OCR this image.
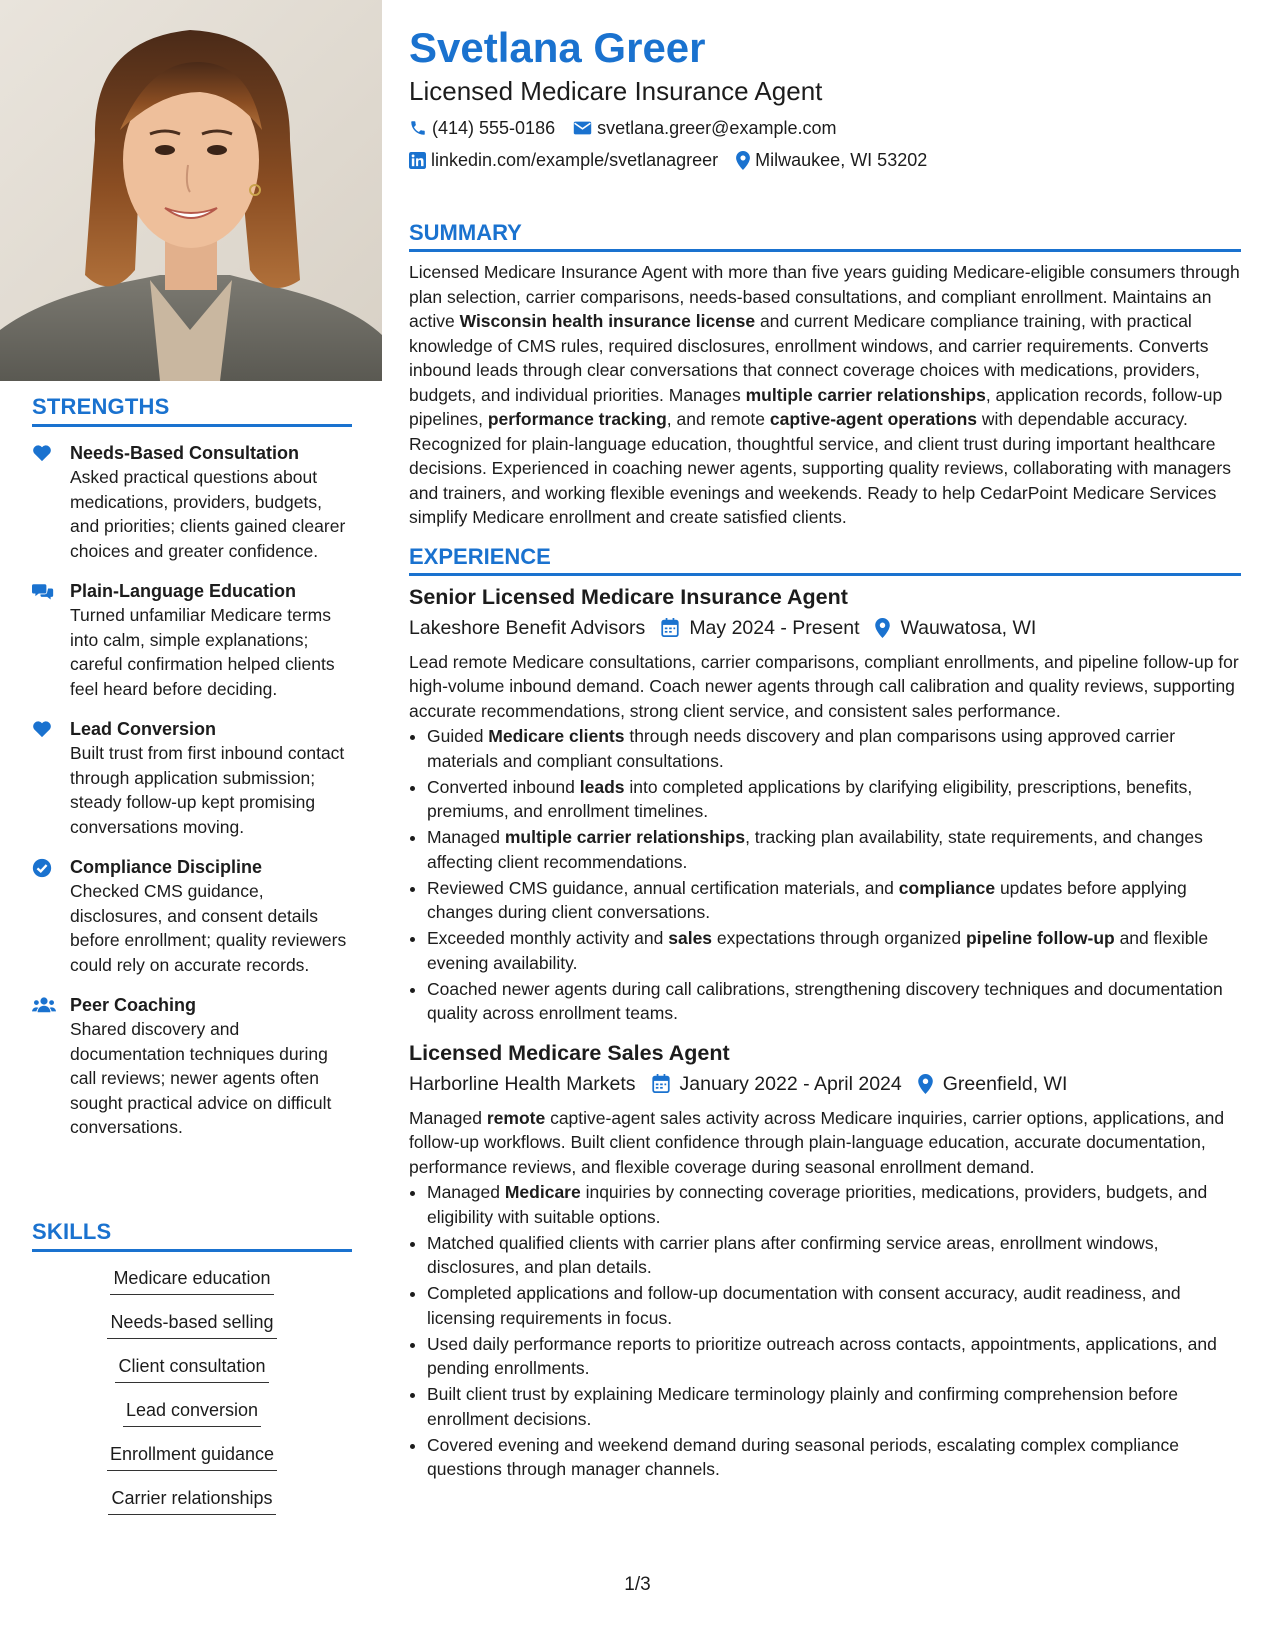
STRENGTHS
Needs-Based Consultation
Asked practical questions about medications, providers, budgets, and priorities; clients gained clearer choices and greater confidence.
Plain-Language Education
Turned unfamiliar Medicare terms into calm, simple explanations; careful confirmation helped clients feel heard before deciding.
Lead Conversion
Built trust from first inbound contact through application submission; steady follow-up kept promising conversations moving.
Compliance Discipline
Checked CMS guidance, disclosures, and consent details before enrollment; quality reviewers could rely on accurate records.
Peer Coaching
Shared discovery and documentation techniques during call reviews; newer agents often sought practical advice on difficult conversations.
SKILLS
Medicare education
Needs-based selling
Client consultation
Lead conversion
Enrollment guidance
Carrier relationships
Svetlana Greer
Licensed Medicare Insurance Agent
(414) 555-0186 svetlana.greer@example.com
linkedin.com/example/svetlanagreer Milwaukee, WI 53202
SUMMARY

Licensed Medicare Insurance Agent with more than five years guiding Medicare-eligible consumers through plan selection, carrier comparisons, needs-based consultations, and compliant enrollment. Maintains an active Wisconsin health insurance license and current Medicare compliance training, with practical knowledge of CMS rules, required disclosures, enrollment windows, and carrier requirements. Converts inbound leads through clear conversations that connect coverage choices with medications, providers, budgets, and individual priorities. Manages multiple carrier relationships, application records, follow-up pipelines, performance tracking, and remote captive-agent operations with dependable accuracy. Recognized for plain-language education, thoughtful service, and client trust during important healthcare decisions. Experienced in coaching newer agents, supporting quality reviews, collaborating with managers and trainers, and working flexible evenings and weekends. Ready to help CedarPoint Medicare Services simplify Medicare enrollment and create satisfied clients.

EXPERIENCE
Senior Licensed Medicare Insurance Agent
Lakeshore Benefit Advisors May 2024 - Present Wauwatosa, WI

Lead remote Medicare consultations, carrier comparisons, compliant enrollments, and pipeline follow-up for high-volume inbound demand. Coach newer agents through call calibration and quality reviews, supporting accurate recommendations, strong client service, and consistent sales performance.

• Guided Medicare clients through needs discovery and plan comparisons using approved carrier materials and compliant consultations.
• Converted inbound leads into completed applications by clarifying eligibility, prescriptions, benefits, premiums, and enrollment timelines.
• Managed multiple carrier relationships, tracking plan availability, state requirements, and changes affecting client recommendations.
• Reviewed CMS guidance, annual certification materials, and compliance updates before applying changes during client conversations.
• Exceeded monthly activity and sales expectations through organized pipeline follow-up and flexible evening availability.
• Coached newer agents during call calibrations, strengthening discovery techniques and documentation quality across enrollment teams.
Licensed Medicare Sales Agent
Harborline Health Markets January 2022 - April 2024 Greenfield, WI

Managed remote captive-agent sales activity across Medicare inquiries, carrier options, applications, and follow-up workflows. Built client confidence through plain-language education, accurate documentation, performance reviews, and flexible coverage during seasonal enrollment demand.

• Managed Medicare inquiries by connecting coverage priorities, medications, providers, budgets, and eligibility with suitable options.
• Matched qualified clients with carrier plans after confirming service areas, enrollment windows, disclosures, and plan details.
• Completed applications and follow-up documentation with consent accuracy, audit readiness, and licensing requirements in focus.
• Used daily performance reports to prioritize outreach across contacts, appointments, applications, and pending enrollments.
• Built client trust by explaining Medicare terminology plainly and confirming comprehension before enrollment decisions.
• Covered evening and weekend demand during seasonal periods, escalating complex compliance questions through manager channels.
1/3
